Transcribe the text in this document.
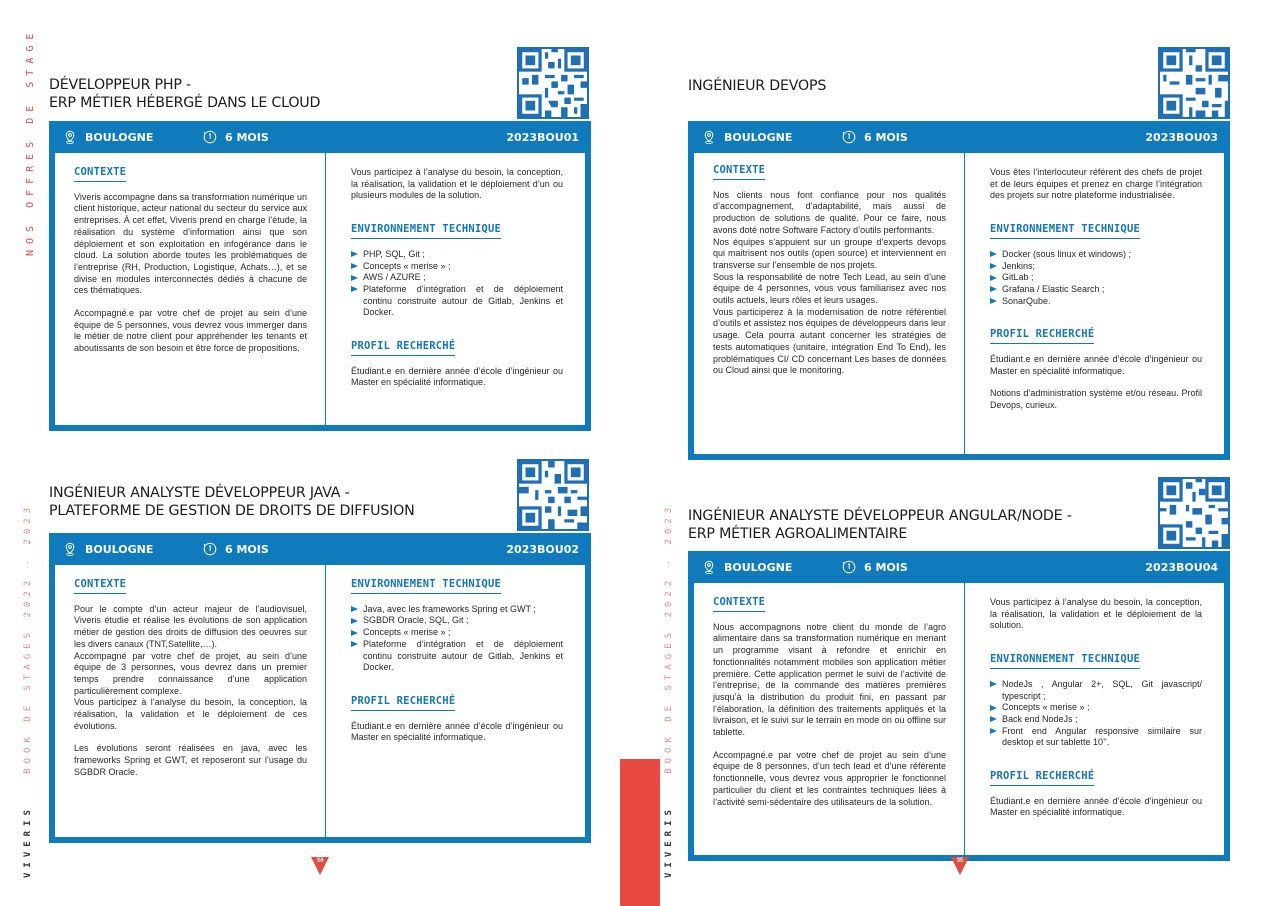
NOS OFFRES DE STAGE
VIVERIS   BOOK DE STAGES 2022 - 2023
DÉVELOPPEUR PHP -
ERP MÉTIER HÉBERGÉ DANS LE CLOUD
BOULOGNE	6 MOIS	2023BOU01
CONTEXTE
Viveris accompagne dans sa transformation numérique un client historique, acteur national du secteur du service aux entreprises. À cet effet, Viveris prend en charge l’étude, la réalisation du système d’information ainsi que son déploiement et son exploitation en infogérance dans le cloud. La solution aborde toutes les problématiques de l’entreprise (RH, Production, Logistique, Achats…), et se divise en modules interconnectés dédiés à chacune de ces thématiques.
Accompagné.e par votre chef de projet au sein d’une équipe de 5 personnes, vous devrez vous immerger dans le métier de notre client pour appréhender les tenants et aboutissants de son besoin et être force de propositions.
Vous participez à l’analyse du besoin, la conception, la réalisation, la validation et le déploiement d’un ou plusieurs modules de la solution.
ENVIRONNEMENT TECHNIQUE
PHP, SQL, Git ;
Concepts « merise » ;
AWS / AZURE ;
Plateforme d’intégration et de déploiement continu construite autour de Gitlab, Jenkins et Docker.
PROFIL RECHERCHÉ
Étudiant.e en dernière année d’école d’ingénieur ou Master en spécialité informatique.
INGÉNIEUR ANALYSTE DÉVELOPPEUR JAVA -
PLATEFORME DE GESTION DE DROITS DE DIFFUSION
BOULOGNE	6 MOIS	2023BOU02
CONTEXTE
Pour le compte d’un acteur majeur de l’audiovisuel, Viveris étudie et réalise les évolutions de son application métier de gestion des droits de diffusion des oeuvres sur les divers canaux (TNT,Satellite,…).
Accompagné par votre chef de projet, au sein d’une équipe de 3 personnes, vous devrez dans un premier temps prendre connaissance d’une application particulièrement complexe.
Vous participez à l’analyse du besoin, la conception, la réalisation, la validation et le déploiement de ces évolutions.
Les évolutions seront réalisées en java, avec les frameworks Spring et GWT, et reposeront sur l’usage du SGBDR Oracle.
ENVIRONNEMENT TECHNIQUE
Java, avec les frameworks Spring et GWT ;
SGBDR Oracle, SQL, Git ;
Concepts « merise » ;
Plateforme d’intégration et de déploiement continu construite autour de Gitlab, Jenkins et Docker.
PROFIL RECHERCHÉ
Étudiant.e en dernière année d’école d’ingénieur ou Master en spécialité informatique.
34	VIVERIS   BOOK DE STAGES 2022 - 2023
INGÉNIEUR DEVOPS
BOULOGNE	6 MOIS	2023BOU03
CONTEXTE
Nos clients nous font confiance pour nos qualités d’accompagnement, d’adaptabilité, mais aussi de production de solutions de qualité. Pour ce faire, nous avons doté notre Software Factory d’outils performants.
Nos équipes s’appuient sur un groupe d’experts devops qui maitrisent nos outils (open source) et interviennent en transverse sur l’ensemble de nos projets.
Sous la responsabilité de notre Tech Lead, au sein d’une équipe de 4 personnes, vous vous familiarisez avec nos outils actuels, leurs rôles et leurs usages.
Vous participerez à la modernisation de notre référentiel d’outils et assistez nos équipes de développeurs dans leur usage. Cela pourra autant concerner les stratégies de tests automatiques (unitaire, intégration End To End), les problématiques CI/ CD concernant Les bases de données ou Cloud ainsi que le monitoring.
Vous êtes l’interlocuteur référent des chefs de projet et de leurs équipes et prenez en charge l’intégration des projets sur notre plateforme industrialisée.
ENVIRONNEMENT TECHNIQUE
Docker (sous linux et windows) ;
Jenkins;
GitLab ;
Grafana / Elastic Search ;
SonarQube.
PROFIL RECHERCHÉ
Étudiant.e en dernière année d’école d’ingénieur ou Master en spécialité informatique.
Notions d’administration système et/ou réseau. Profil Devops, curieux.
INGÉNIEUR ANALYSTE DÉVELOPPEUR ANGULAR/NODE -
ERP MÉTIER AGROALIMENTAIRE
BOULOGNE	6 MOIS	2023BOU04
CONTEXTE
Nous accompagnons notre client du monde de l’agro alimentaire dans sa transformation numérique en menant un programme visant à refondre et enrichir en fonctionnalités notamment mobiles son application métier première. Cette application permet le suivi de l’activité de l’entreprise, de la commande des matières premières jusqu’à la distribution du produit fini, en passant par l’élaboration, la définition des traitements appliqués et la livraison, et le suivi sur le terrain en mode on ou offline sur tablette.
Accompagné.e par votre chef de projet au sein d’une équipe de 8 personnes, d’un tech lead et d’une référente fonctionnelle, vous devrez vous approprier le fonctionnel particulier du client et les contraintes techniques liées à l’activité semi-sédentaire des utilisateurs de la solution.
Vous participez à l’analyse du besoin, la conception, la réalisation, la validation et le déploiement de la solution.
ENVIRONNEMENT TECHNIQUE
NodeJs , Angular 2+, SQL, Git javascript/ typescript ;
Concepts « merise » ;
Back end NodeJs ;
Front end Angular responsive similaire sur desktop et sur tablette 10’’.
PROFIL RECHERCHÉ
Étudiant.e en dernière année d’école d’ingénieur ou Master en spécialité informatique.
35
